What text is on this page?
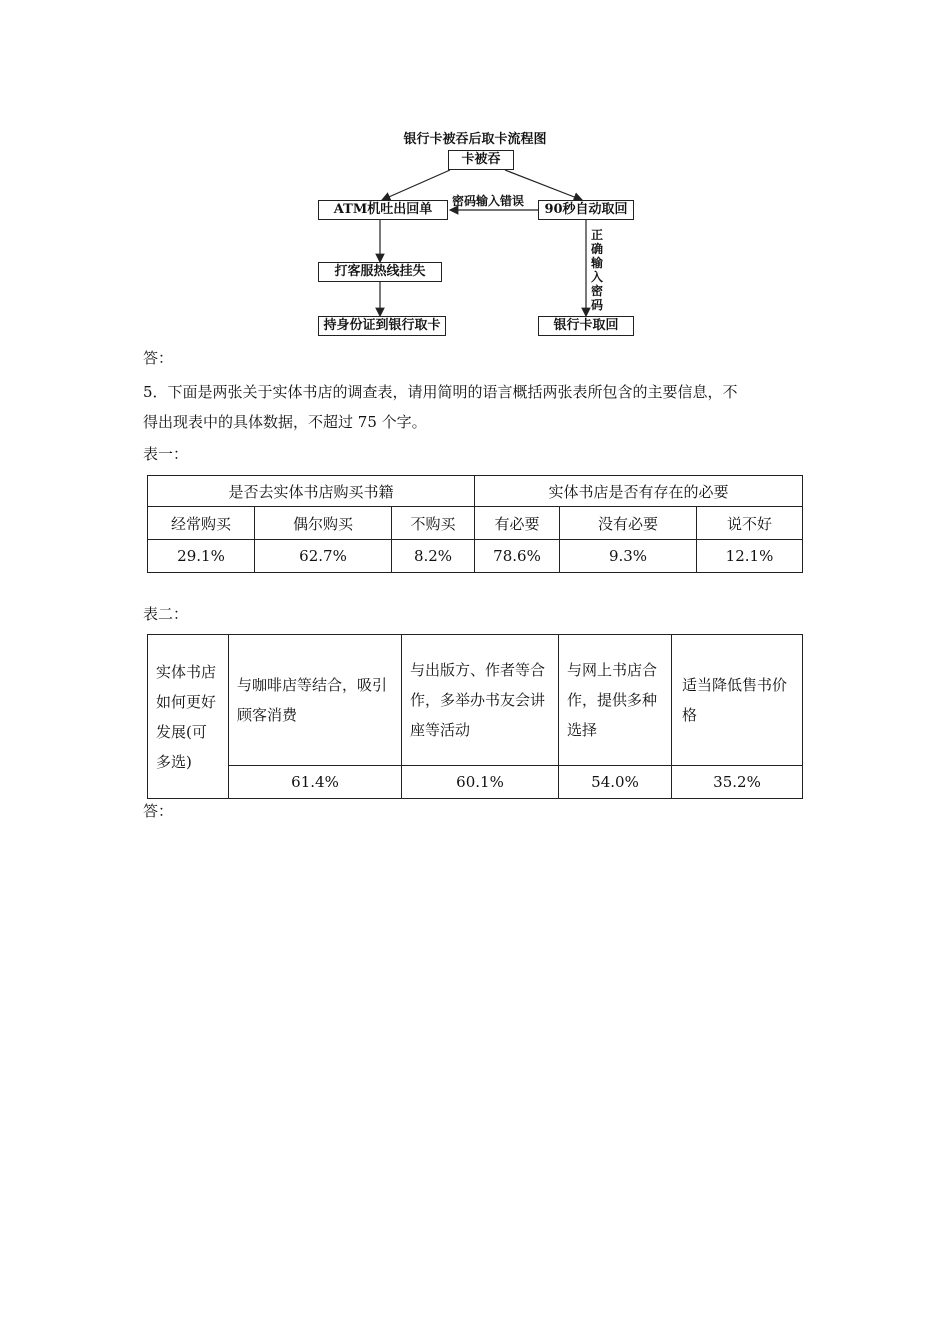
银行卡被吞后取卡流程图
卡被吞
ATM机吐出回单	90秒自动取回
打客服热线挂失
持身份证到银行取卡	银行卡取回
密码输入错误
正确输入密码
答：
5．下面是两张关于实体书店的调查表，请用简明的语言概括两张表所包含的主要信息，不
得出现表中的具体数据，不超过 75 个字。
表一：
是否去实体书店购买书籍			实体书店是否有存在的必要		
经常购买	偶尔购买	不购买	有必要	没有必要	说不好
29.1%	62.7%	8.2%	78.6%	9.3%	12.1%
表二：
实体书店如何更好发展(可多选)	与咖啡店等结合，吸引顾客消费	与出版方、作者等合作，多举办书友会讲座等活动	与网上书店合作，提供多种选择	适当降低售书价格

	61.4%	60.1%	54.0%	35.2%
答：
